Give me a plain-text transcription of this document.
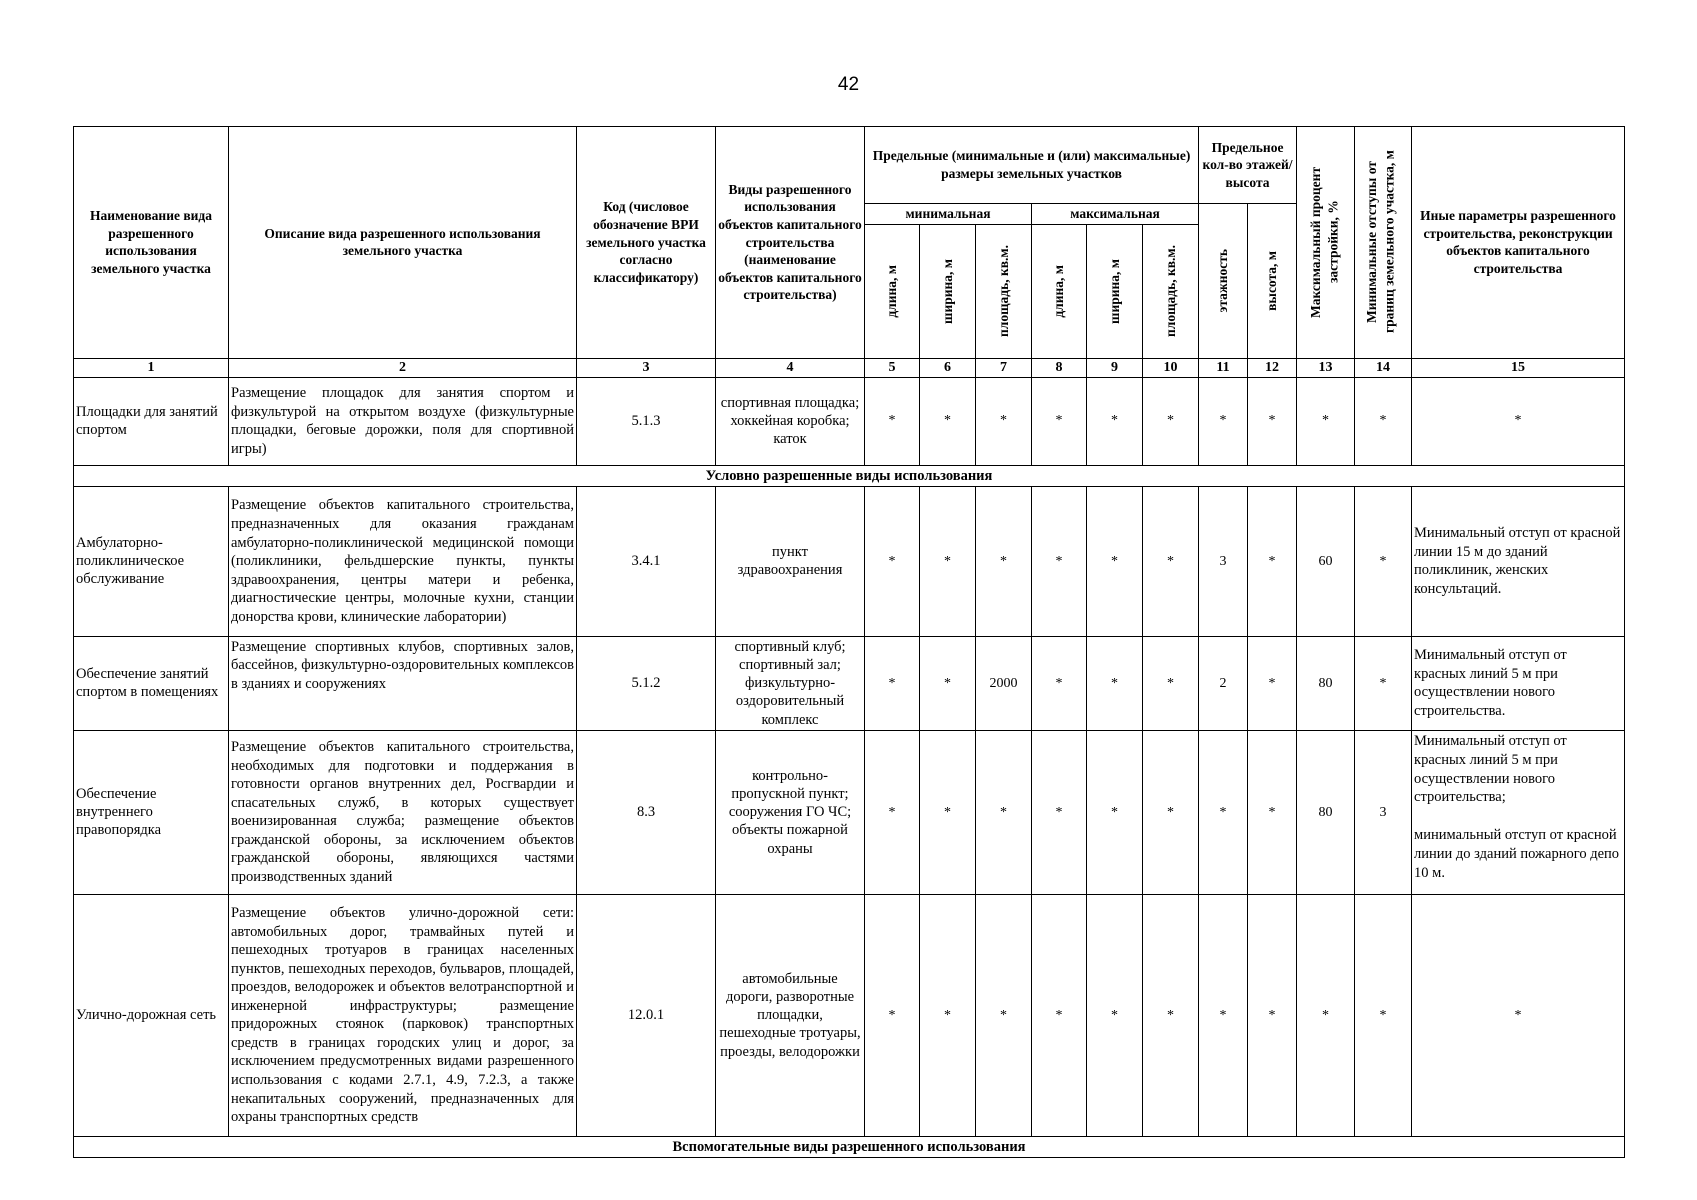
42
Наименование вида разрешенного использования земельного участка	Описание вида разрешенного использования земельного участка	Код (числовое обозначение ВРИ земельного участка согласно классификатору)	Виды разрешенного использования объектов капитального строительства (наименование объектов капитального строительства)	Предельные (минимальные и (или) максимальные) размеры земельных участков						Предельное кол-во этажей/ высота		Максимальный процент застройки, %	Минимальные отступы от границ земельного участка, м	Иные параметры разрешенного строительства, реконструкции объектов капитального строительства
				минимальная			максимальная			этажность	высота, м			

				длина, м	ширина, м	площадь, кв.м.	длина, м	ширина, м	площадь, кв.м.					

1	2	3	4	5	6	7	8	9	10	11	12	13	14	15
Площадки для занятий спортом	Размещение площадок для занятия спортом и физкультурой на открытом воздухе (физкультурные площадки, беговые дорожки, поля для спортивной игры)	5.1.3	спортивная площадка; хоккейная коробка; каток	*	*	*	*	*	*	*	*	*	*	*
Условно разрешенные виды использования														
Амбулаторно-поликлиническое обслуживание	Размещение объектов капитального строительства, предназначенных для оказания гражданам амбулаторно-поликлинической медицинской помощи (поликлиники, фельдшерские пункты, пункты здравоохранения, центры матери и ребенка, диагностические центры, молочные кухни, станции донорства крови, клинические лаборатории)	3.4.1	пункт здравоохранения	*	*	*	*	*	*	3	*	60	*	Минимальный отступ от красной линии 15 м до зданий поликлиник, женских консультаций.
Обеспечение занятий спортом в помещениях	Размещение спортивных клубов, спортивных залов, бассейнов, физкультурно-оздоровительных комплексов в зданиях и сооружениях	5.1.2	спортивный клуб; спортивный зал; физкультурно-оздоровительный комплекс	*	*	2000	*	*	*	2	*	80	*	Минимальный отступ от красных линий 5 м при осуществлении нового строительства.
Обеспечение внутреннего правопорядка	Размещение объектов капитального строительства, необходимых для подготовки и поддержания в готовности органов внутренних дел, Росгвардии и спасательных служб, в которых существует военизированная служба; размещение объектов гражданской обороны, за исключением объектов гражданской обороны, являющихся частями производственных зданий	8.3	контрольно-пропускной пункт; сооружения ГО ЧС; объекты пожарной охраны	*	*	*	*	*	*	*	*	80	3	Минимальный отступ от красных линий 5 м при осуществлении нового строительства;
минимальный отступ от красной линии до зданий пожарного депо 10 м.
Улично-дорожная сеть	Размещение объектов улично-дорожной сети: автомобильных дорог, трамвайных путей и пешеходных тротуаров в границах населенных пунктов, пешеходных переходов, бульваров, площадей, проездов, велодорожек и объектов велотранспортной и инженерной инфраструктуры; размещение придорожных стоянок (парковок) транспортных средств в границах городских улиц и дорог, за исключением предусмотренных видами разрешенного использования с кодами 2.7.1, 4.9, 7.2.3, а также некапитальных сооружений, предназначенных для охраны транспортных средств	12.0.1	автомобильные дороги, разворотные площадки, пешеходные тротуары, проезды, велодорожки	*	*	*	*	*	*	*	*	*	*	*
Вспомогательные виды разрешенного использования														
